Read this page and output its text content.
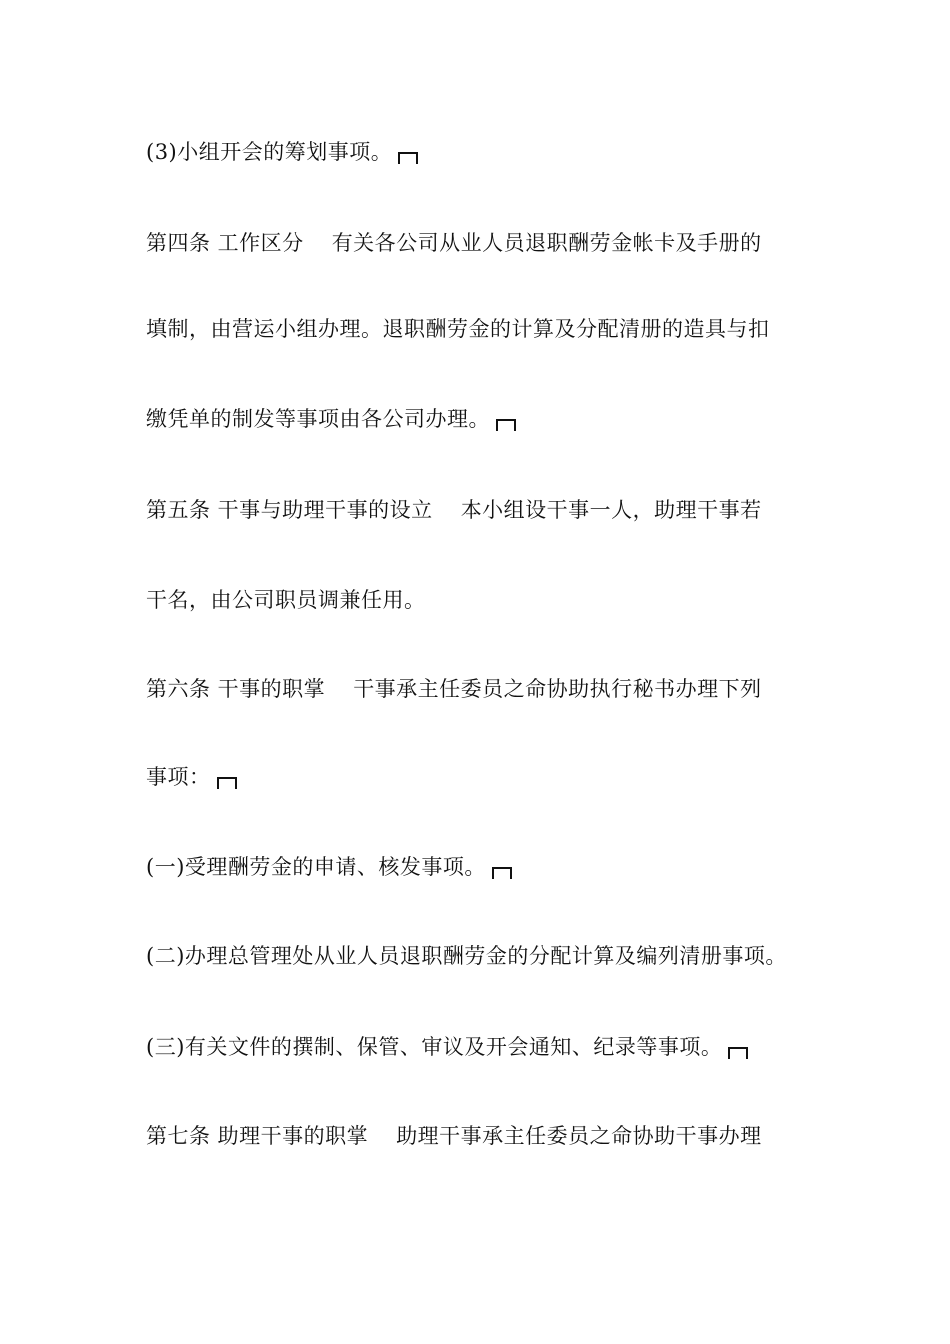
(3)小组开会的筹划事项。
第四条 工作区分 有关各公司从业人员退职酬劳金帐卡及手册的
填制，由营运小组办理。退职酬劳金的计算及分配清册的造具与扣
缴凭单的制发等事项由各公司办理。
第五条 干事与助理干事的设立 本小组设干事一人，助理干事若
干名，由公司职员调兼任用。
第六条 干事的职掌 干事承主任委员之命协助执行秘书办理下列
事项：
(一)受理酬劳金的申请、核发事项。
(二)办理总管理处从业人员退职酬劳金的分配计算及编列清册事项。
(三)有关文件的撰制、保管、审议及开会通知、纪录等事项。
第七条 助理干事的职掌 助理干事承主任委员之命协助干事办理
